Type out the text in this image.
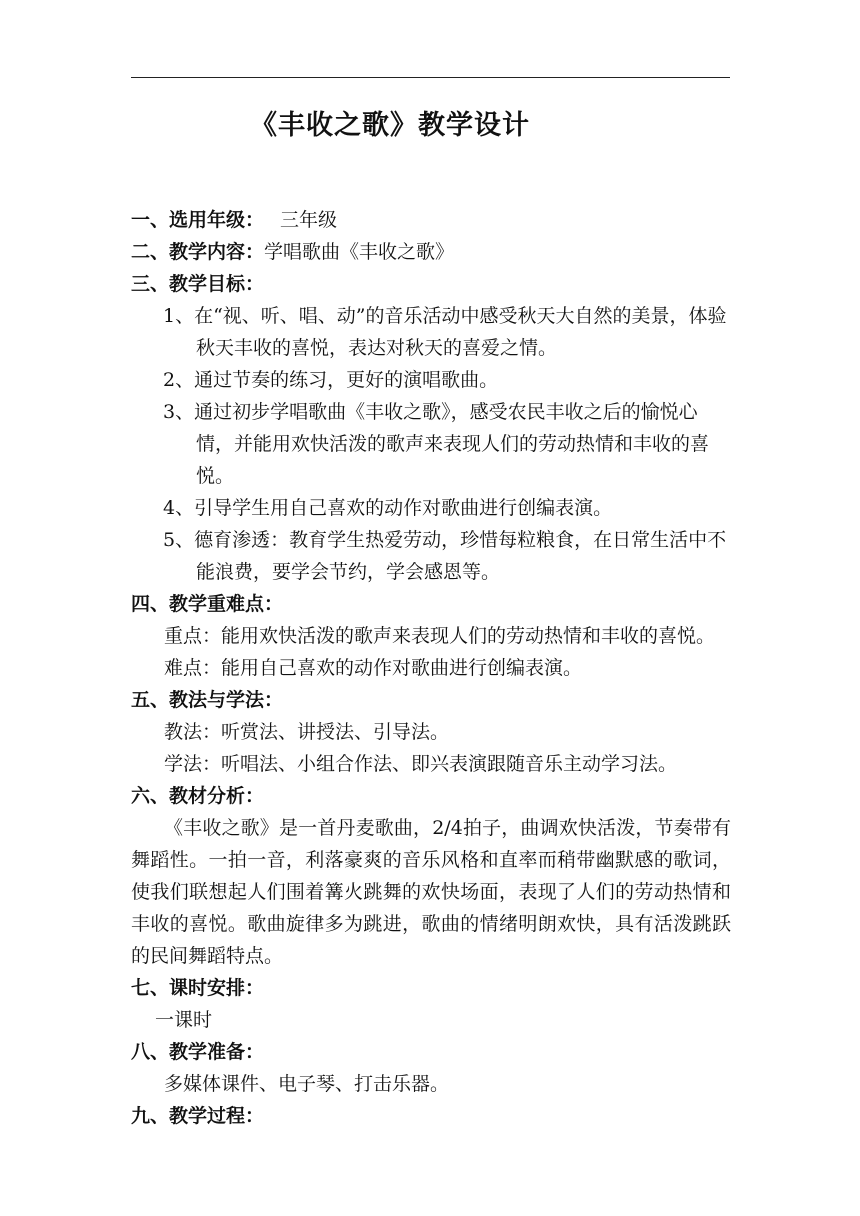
《丰收之歌》教学设计

一、选用年级： 三年级

二、教学内容：学唱歌曲《丰收之歌》

三、教学目标：

1、在“视、听、唱、动”的音乐活动中感受秋天大自然的美景，体验秋天丰收的喜悦，表达对秋天的喜爱之情。

2、通过节奏的练习，更好的演唱歌曲。

3、通过初步学唱歌曲《丰收之歌》，感受农民丰收之后的愉悦心情，并能用欢快活泼的歌声来表现人们的劳动热情和丰收的喜悦。

4、引导学生用自己喜欢的动作对歌曲进行创编表演。

5、德育渗透：教育学生热爱劳动，珍惜每粒粮食，在日常生活中不能浪费，要学会节约，学会感恩等。

四、教学重难点：

重点：能用欢快活泼的歌声来表现人们的劳动热情和丰收的喜悦。

难点：能用自己喜欢的动作对歌曲进行创编表演。

五、教法与学法：

教法：听赏法、讲授法、引导法。

学法：听唱法、小组合作法、即兴表演跟随音乐主动学习法。

六、教材分析：

《丰收之歌》是一首丹麦歌曲，2/4拍子，曲调欢快活泼，节奏带有舞蹈性。一拍一音，利落豪爽的音乐风格和直率而稍带幽默感的歌词，使我们联想起人们围着篝火跳舞的欢快场面，表现了人们的劳动热情和丰收的喜悦。歌曲旋律多为跳进，歌曲的情绪明朗欢快，具有活泼跳跃的民间舞蹈特点。

七、课时安排：

一课时

八、教学准备：

多媒体课件、电子琴、打击乐器。

九、教学过程：
